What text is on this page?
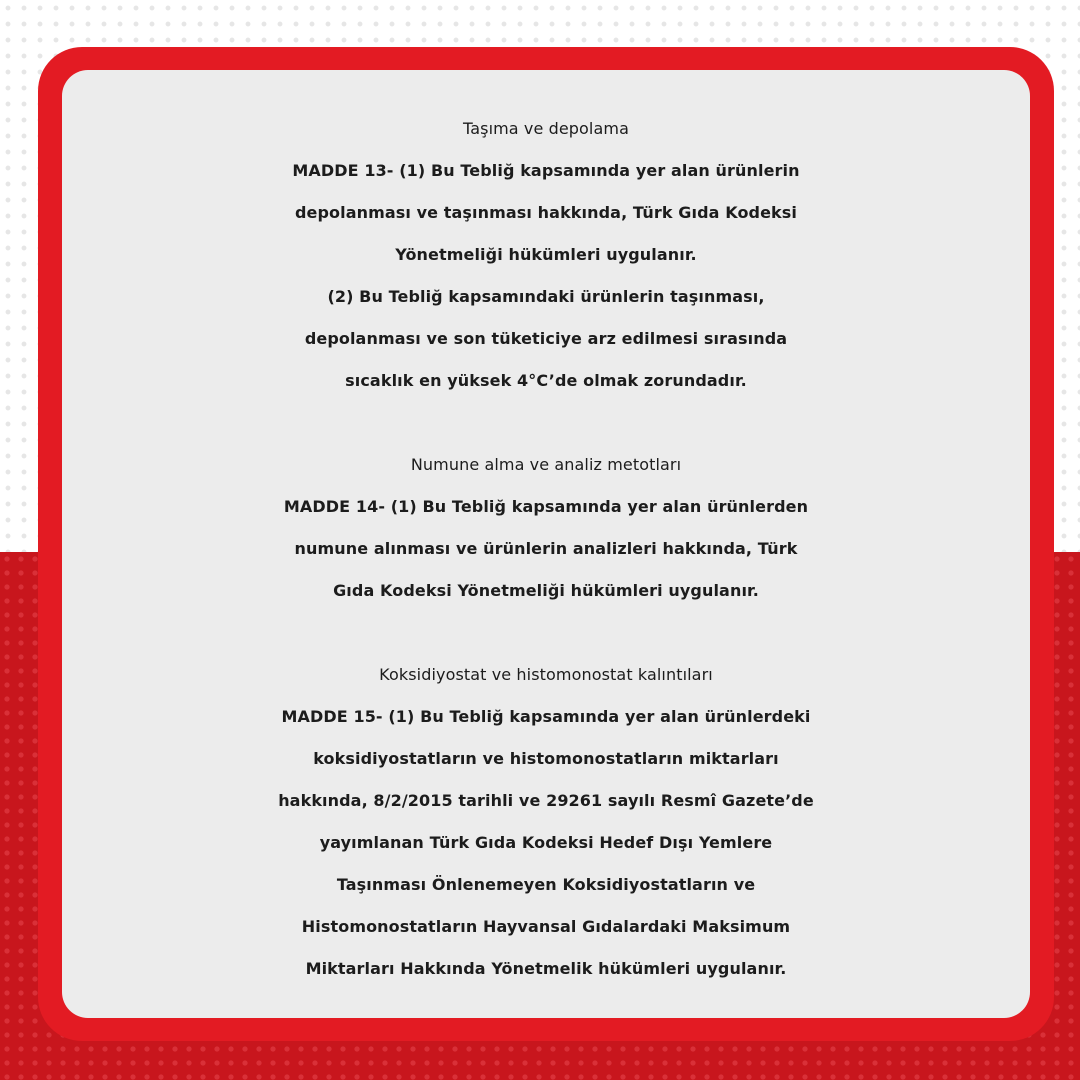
Taşıma ve depolama
MADDE 13- (1) Bu Tebliğ kapsamında yer alan ürünlerin
depolanması ve taşınması hakkında, Türk Gıda Kodeksi
Yönetmeliği hükümleri uygulanır.
(2) Bu Tebliğ kapsamındaki ürünlerin taşınması,
depolanması ve son tüketiciye arz edilmesi sırasında
sıcaklık en yüksek 4°C’de olmak zorundadır.
Numune alma ve analiz metotları
MADDE 14- (1) Bu Tebliğ kapsamında yer alan ürünlerden
numune alınması ve ürünlerin analizleri hakkında, Türk
Gıda Kodeksi Yönetmeliği hükümleri uygulanır.
Koksidiyostat ve histomonostat kalıntıları
MADDE 15- (1) Bu Tebliğ kapsamında yer alan ürünlerdeki
koksidiyostatların ve histomonostatların miktarları
hakkında, 8/2/2015 tarihli ve 29261 sayılı Resmî Gazete’de
yayımlanan Türk Gıda Kodeksi Hedef Dışı Yemlere
Taşınması Önlenemeyen Koksidiyostatların ve
Histomonostatların Hayvansal Gıdalardaki Maksimum
Miktarları Hakkında Yönetmelik hükümleri uygulanır.
